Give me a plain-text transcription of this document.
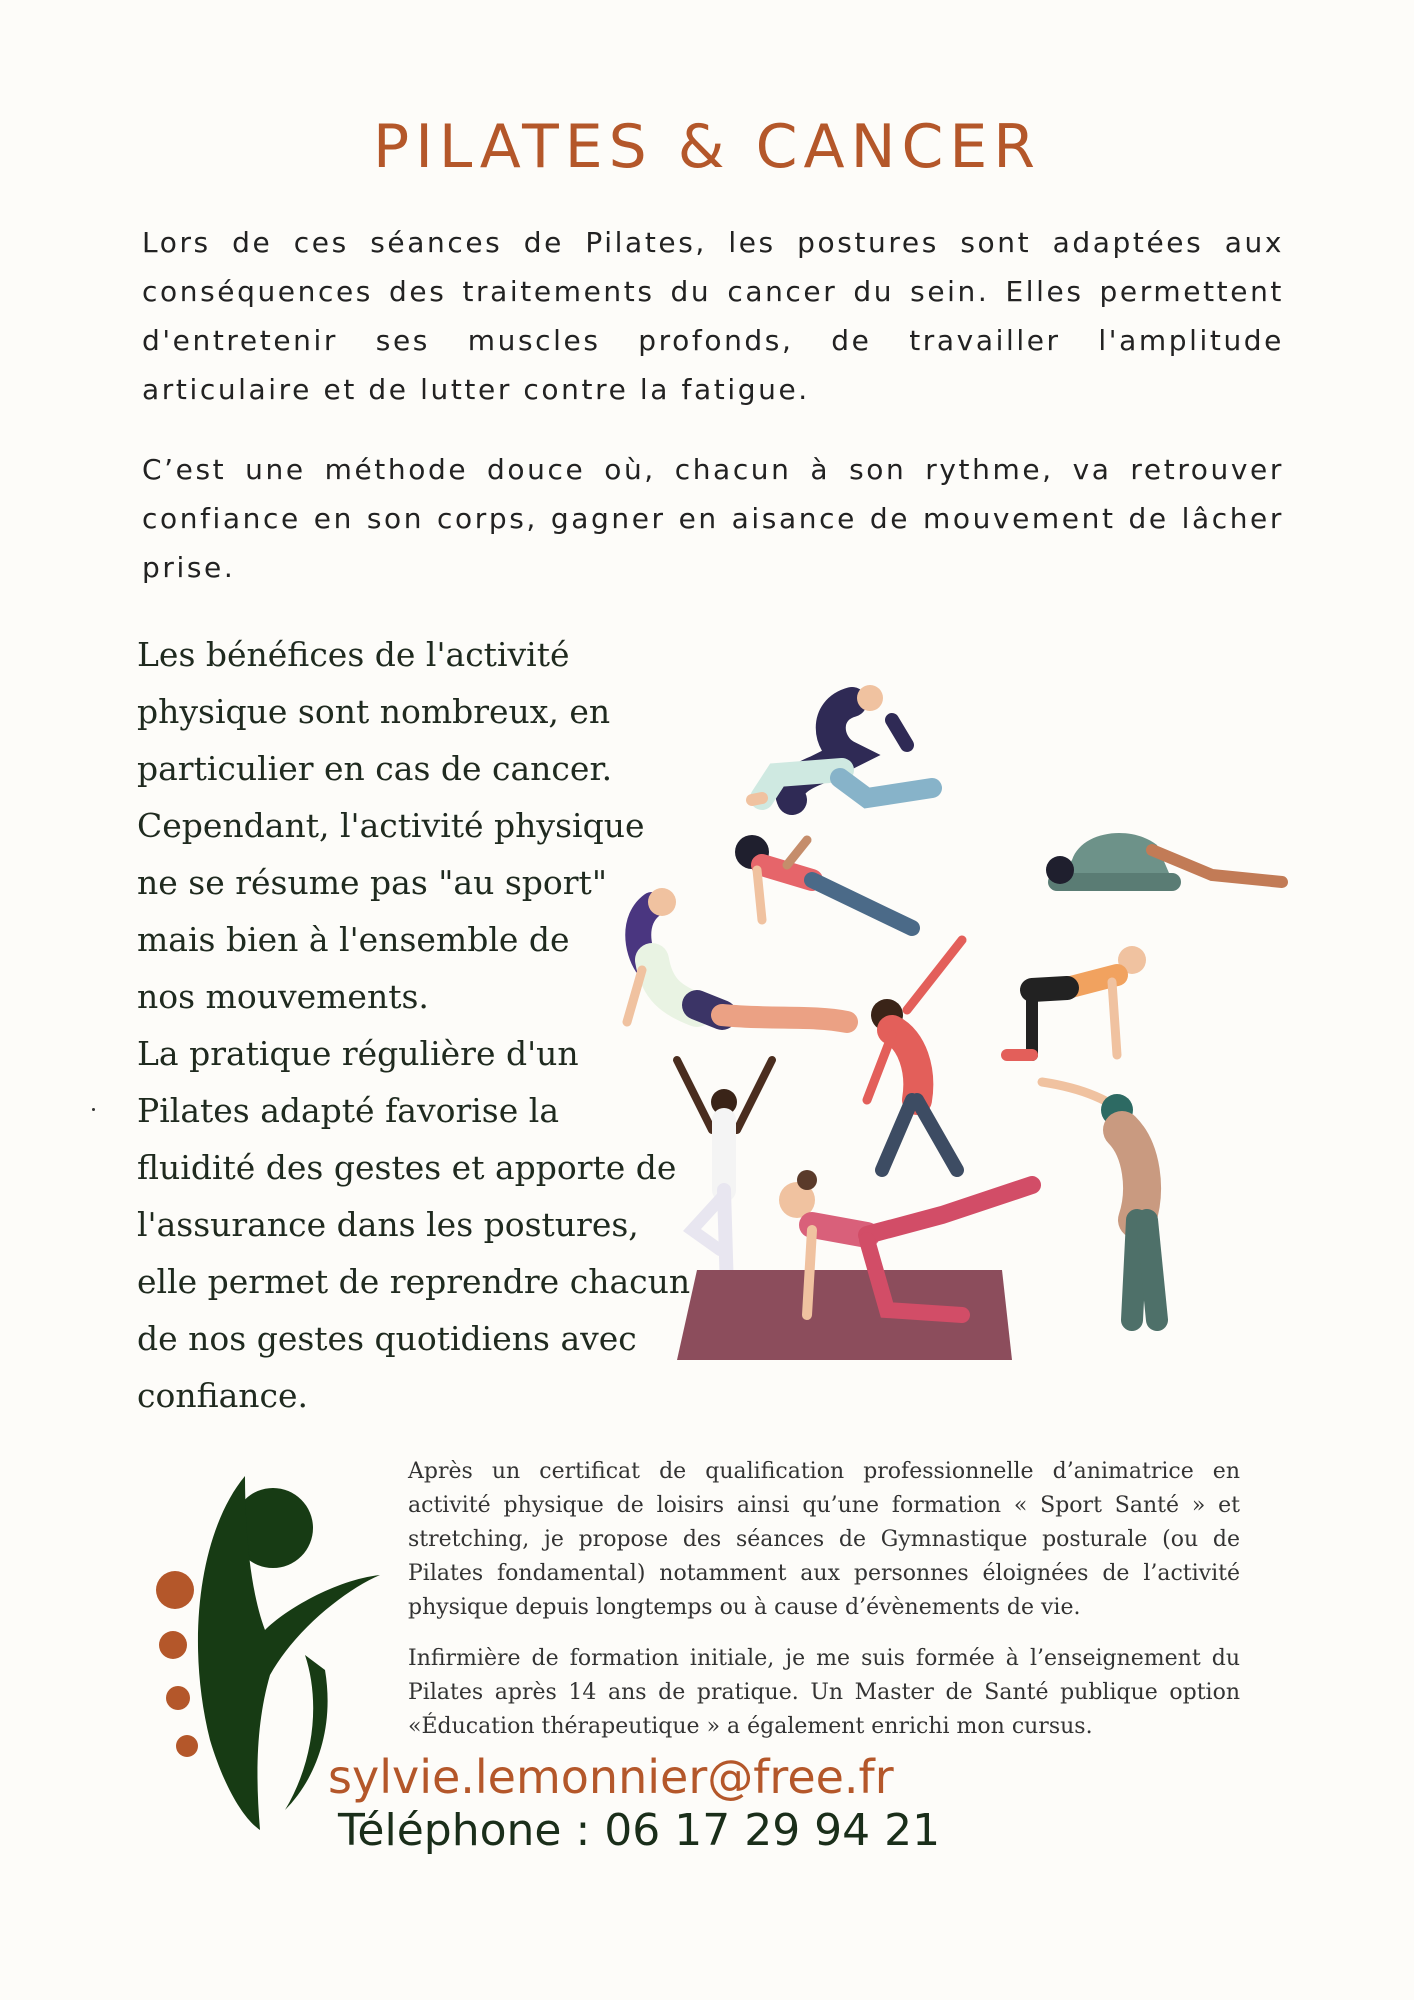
PILATES & CANCER

Lors de ces séances de Pilates, les postures sont adaptées aux conséquences des traitements du cancer du sein. Elles permettent d'entretenir ses muscles profonds, de travailler l'amplitude articulaire et de lutter contre la fatigue.

C’est une méthode douce où, chacun à son rythme, va retrouver confiance en son corps, gagner en aisance de mouvement de lâcher prise.

Les bénéfices de l'activité
physique sont nombreux, en
particulier en cas de cancer.
Cependant, l'activité physique
ne se résume pas "au sport"
mais bien à l'ensemble de
nos mouvements.
La pratique régulière d'un
Pilates adapté favorise la
fluidité des gestes et apporte de
l'assurance dans les postures,
elle permet de reprendre chacun
de nos gestes quotidiens avec
confiance.

Après un certificat de qualification professionnelle d’animatrice en activité physique de loisirs ainsi qu’une formation « Sport Santé » et stretching, je propose des séances de Gymnastique posturale (ou de Pilates fondamental) notamment aux personnes éloignées de l’activité physique depuis longtemps ou à cause d’évènements de vie.

Infirmière de formation initiale, je me suis formée à l’enseignement du Pilates après 14 ans de pratique. Un Master de Santé publique option «Éducation thérapeutique » a également enrichi mon cursus.

sylvie.lemonnier@free.fr
Téléphone : 06 17 29 94 21
